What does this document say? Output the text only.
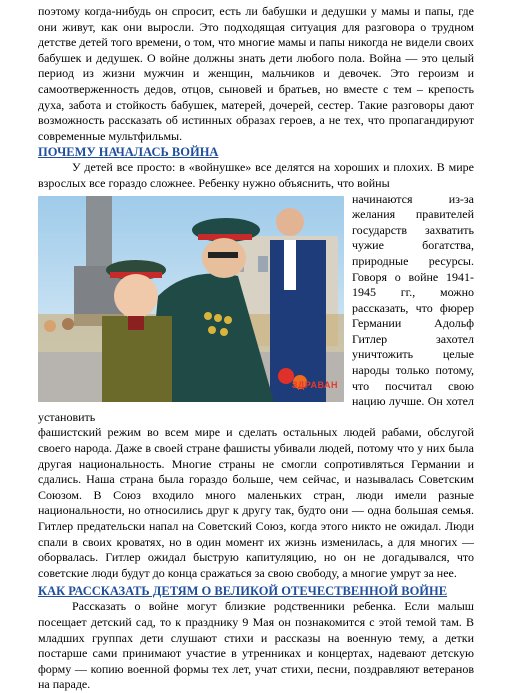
поэтому когда-нибудь он спросит, есть ли бабушки и дедушки у мамы и папы, где они живут, как они выросли. Это подходящая ситуация для разговора о трудном детстве детей того времени, о том, что многие мамы и папы никогда не видели своих бабушек и дедушек. О войне должны знать дети любого пола. Война — это целый период из жизни мужчин и женщин, мальчиков и девочек. Это героизм и самоотверженность дедов, отцов, сыновей и братьев, но вместе с тем – крепость духа, забота и стойкость бабушек, матерей, дочерей, сестер. Такие разговоры дают возможность рассказать об истинных образах героев, а не тех, что пропагандируют современные мультфильмы.

ПОЧЕМУ НАЧАЛАСЬ ВОЙНА

У детей все просто: в «войнушке» все делятся на хороших и плохих. В мире взрослых все гораздо сложнее. Ребенку нужно объяснить, что войны

ЗДРАВАН

начинаются из-за желания правителей государств захватить чужие богатства, природные ресурсы. Говоря о войне 1941-1945 гг., можно рассказать, что фюрер Германии Адольф Гитлер захотел уничтожить целые народы только потому, что посчитал свою нацию лучше. Он хотел установить

фашистский режим во всем мире и сделать остальных людей рабами, обслугой своего народа. Даже в своей стране фашисты убивали людей, потому что у них была другая национальность. Многие страны не смогли сопротивляться Германии и сдались. Наша страна была гораздо больше, чем сейчас, и называлась Советским Союзом. В Союз входило много маленьких стран, люди имели разные национальности, но относились друг к другу так, будто они — одна большая семья. Гитлер предательски напал на Советский Союз, когда этого никто не ожидал. Люди спали в своих кроватях, но в один момент их жизнь изменилась, а для многих — оборвалась. Гитлер ожидал быструю капитуляцию, но он не догадывался, что советские люди будут до конца сражаться за свою свободу, а многие умрут за нее.

КАК РАССКАЗАТЬ ДЕТЯМ О ВЕЛИКОЙ ОТЕЧЕСТВЕННОЙ ВОЙНЕ

Рассказать о войне могут близкие родственники ребенка. Если малыш посещает детский сад, то к празднику 9 Мая он познакомится с этой темой там. В младших группах дети слушают стихи и рассказы на военную тему, а детки постарше сами принимают участие в утренниках и концертах, надевают детскую форму — копию военной формы тех лет, учат стихи, песни, поздравляют ветеранов на параде.
